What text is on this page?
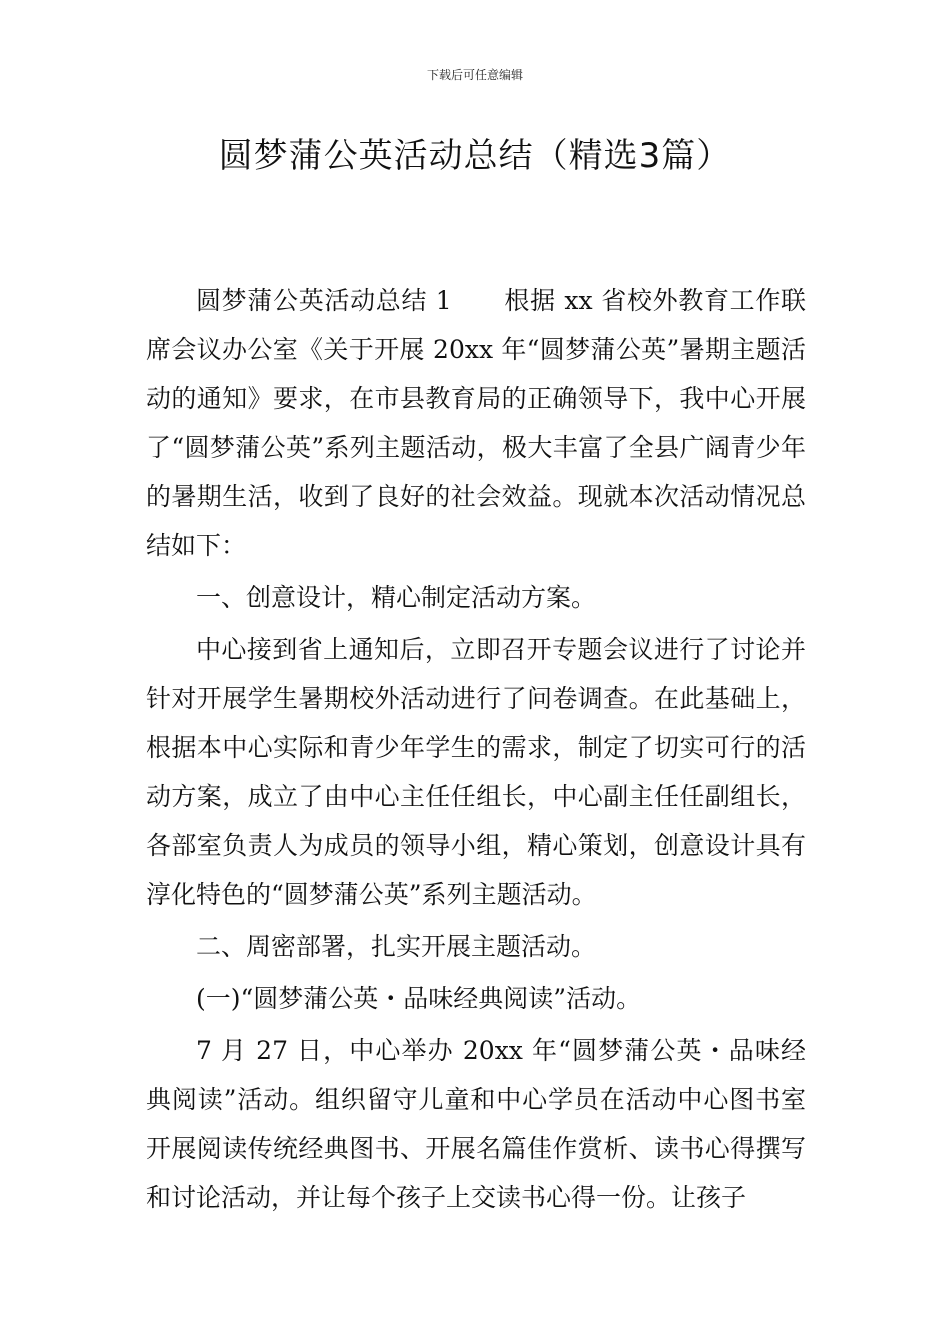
下载后可任意编辑
圆梦蒲公英活动总结（精选3篇）

圆梦蒲公英活动总结 1 根据 xx 省校外教育工作联席会议办公室《关于开展 20xx 年“圆梦蒲公英”暑期主题活动的通知》要求，在市县教育局的正确领导下，我中心开展了“圆梦蒲公英”系列主题活动，极大丰富了全县广阔青少年的暑期生活，收到了良好的社会效益。现就本次活动情况总结如下：

一、创意设计，精心制定活动方案。

中心接到省上通知后，立即召开专题会议进行了讨论并针对开展学生暑期校外活动进行了问卷调查。在此基础上，根据本中心实际和青少年学生的需求，制定了切实可行的活动方案，成立了由中心主任任组长，中心副主任任副组长，各部室负责人为成员的领导小组，精心策划，创意设计具有淳化特色的“圆梦蒲公英”系列主题活动。

二、周密部署，扎实开展主题活动。

(一)“圆梦蒲公英・品味经典阅读”活动。

7 月 27 日，中心举办 20xx 年“圆梦蒲公英・品味经典阅读”活动。组织留守儿童和中心学员在活动中心图书室开展阅读传统经典图书、开展名篇佳作赏析、读书心得撰写和讨论活动，并让每个孩子上交读书心得一份。让孩子
